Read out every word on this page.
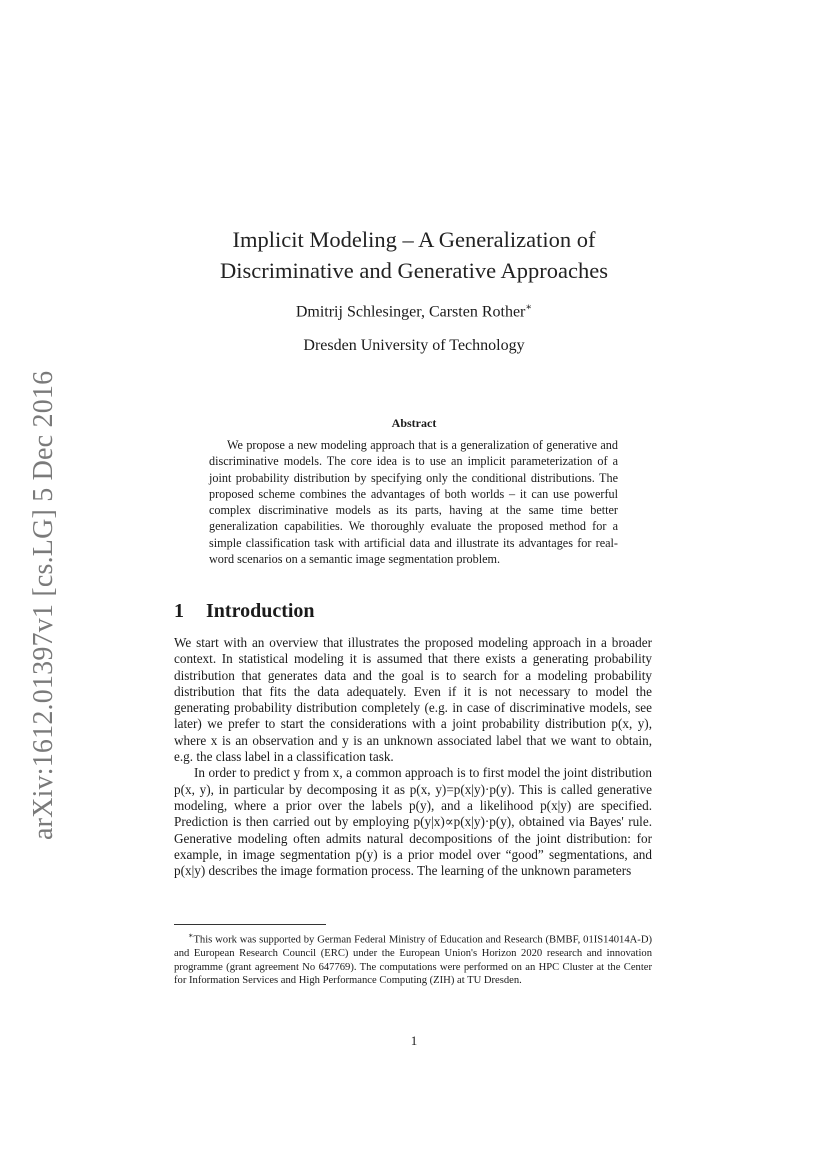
arXiv:1612.01397v1 [cs.LG] 5 Dec 2016
Implicit Modeling – A Generalization of
Discriminative and Generative Approaches
Dmitrij Schlesinger, Carsten Rother∗
Dresden University of Technology
Abstract

We propose a new modeling approach that is a generalization of generative and discriminative models. The core idea is to use an implicit parameterization of a joint probability distribution by specifying only the conditional distributions. The proposed scheme combines the advantages of both worlds – it can use powerful complex discriminative models as its parts, having at the same time better generalization capabilities. We thoroughly evaluate the proposed method for a simple classification task with artificial data and illustrate its advantages for real-word scenarios on a semantic image segmentation problem.

1 Introduction

We start with an overview that illustrates the proposed modeling approach in a broader context. In statistical modeling it is assumed that there exists a generating probability distribution that generates data and the goal is to search for a modeling probability distribution that fits the data adequately. Even if it is not necessary to model the generating probability distribution completely (e.g. in case of discriminative models, see later) we prefer to start the considerations with a joint probability distribution p(x, y), where x is an observation and y is an unknown associated label that we want to obtain, e.g. the class label in a classification task.

In order to predict y from x, a common approach is to first model the joint distribution p(x, y), in particular by decomposing it as p(x, y)=p(x|y)·p(y). This is called generative modeling, where a prior over the labels p(y), and a likelihood p(x|y) are specified. Prediction is then carried out by employing p(y|x)∝p(x|y)·p(y), obtained via Bayes' rule. Generative modeling often admits natural decompositions of the joint distribution: for example, in image segmentation p(y) is a prior model over “good” segmentations, and p(x|y) describes the image formation process. The learning of the unknown parameters

∗This work was supported by German Federal Ministry of Education and Research (BMBF, 01IS14014A-D) and European Research Council (ERC) under the European Union's Horizon 2020 research and innovation programme (grant agreement No 647769). The computations were performed on an HPC Cluster at the Center for Information Services and High Performance Computing (ZIH) at TU Dresden.
1
